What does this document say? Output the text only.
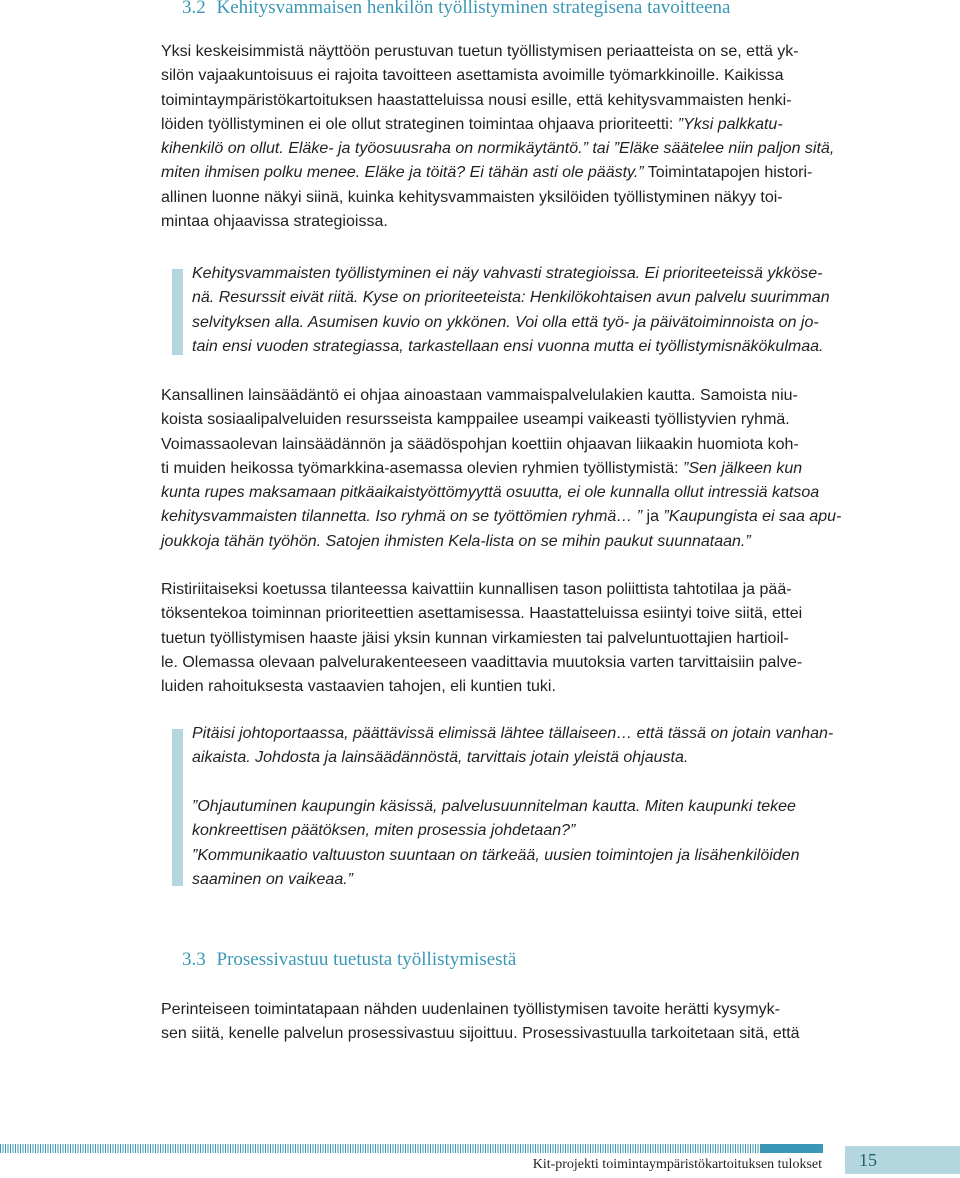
3.2 Kehitysvammaisen henkilön työllistyminen strategisena tavoitteena
Yksi keskeisimmistä näyttöön perustuvan tuetun työllistymisen periaatteista on se, että yk-
silön vajaakuntoisuus ei rajoita tavoitteen asettamista avoimille työmarkkinoille. Kaikissa
toimintaympäristökartoituksen haastatteluissa nousi esille, että kehitysvammaisten henki-
löiden työllistyminen ei ole ollut strateginen toimintaa ohjaava prioriteetti: ”Yksi palkkatu-
kihenkilö on ollut. Eläke- ja työosuusraha on normikäytäntö.” tai ”Eläke säätelee niin paljon sitä,
miten ihmisen polku menee. Eläke ja töitä? Ei tähän asti ole päästy.” Toimintatapojen histori-
allinen luonne näkyi siinä, kuinka kehitysvammaisten yksilöiden työllistyminen näkyy toi-
mintaa ohjaavissa strategioissa.
Kehitysvammaisten työllistyminen ei näy vahvasti strategioissa. Ei prioriteeteissä ykköse-
nä. Resurssit eivät riitä. Kyse on prioriteeteista: Henkilökohtaisen avun palvelu suurimman
selvityksen alla. Asumisen kuvio on ykkönen. Voi olla että työ- ja päivätoiminnoista on jo-
tain ensi vuoden strategiassa, tarkastellaan ensi vuonna mutta ei työllistymisnäkökulmaa.
Kansallinen lainsäädäntö ei ohjaa ainoastaan vammaispalvelulakien kautta. Samoista niu-
koista sosiaalipalveluiden resursseista kamppailee useampi vaikeasti työllistyvien ryhmä.
Voimassaolevan lainsäädännön ja säädöspohjan koettiin ohjaavan liikaakin huomiota koh-
ti muiden heikossa työmarkkina-asemassa olevien ryhmien työllistymistä: ”Sen jälkeen kun
kunta rupes maksamaan pitkäaikaistyöttömyyttä osuutta, ei ole kunnalla ollut intressiä katsoa
kehitysvammaisten tilannetta. Iso ryhmä on se työttömien ryhmä… ” ja ”Kaupungista ei saa apu-
joukkoja tähän työhön. Satojen ihmisten Kela-lista on se mihin paukut suunnataan.”
Ristiriitaiseksi koetussa tilanteessa kaivattiin kunnallisen tason poliittista tahtotilaa ja pää-
töksentekoa toiminnan prioriteettien asettamisessa. Haastatteluissa esiintyi toive siitä, ettei
tuetun työllistymisen haaste jäisi yksin kunnan virkamiesten tai palveluntuottajien hartioil-
le. Olemassa olevaan palvelurakenteeseen vaadittavia muutoksia varten tarvittaisiin palve-
luiden rahoituksesta vastaavien tahojen, eli kuntien tuki.
Pitäisi johtoportaassa, päättävissä elimissä lähtee tällaiseen… että tässä on jotain vanhan-
aikaista. Johdosta ja lainsäädännöstä, tarvittais jotain yleistä ohjausta.
”Ohjautuminen kaupungin käsissä, palvelusuunnitelman kautta. Miten kaupunki tekee
konkreettisen päätöksen, miten prosessia johdetaan?”
”Kommunikaatio valtuuston suuntaan on tärkeää, uusien toimintojen ja lisähenkilöiden
saaminen on vaikeaa.”
3.3 Prosessivastuu tuetusta työllistymisestä
Perinteiseen toimintatapaan nähden uudenlainen työllistymisen tavoite herätti kysymyk-
sen siitä, kenelle palvelun prosessivastuu sijoittuu. Prosessivastuulla tarkoitetaan sitä, että
Kit-projekti toimintaympäristökartoituksen tulokset	15
